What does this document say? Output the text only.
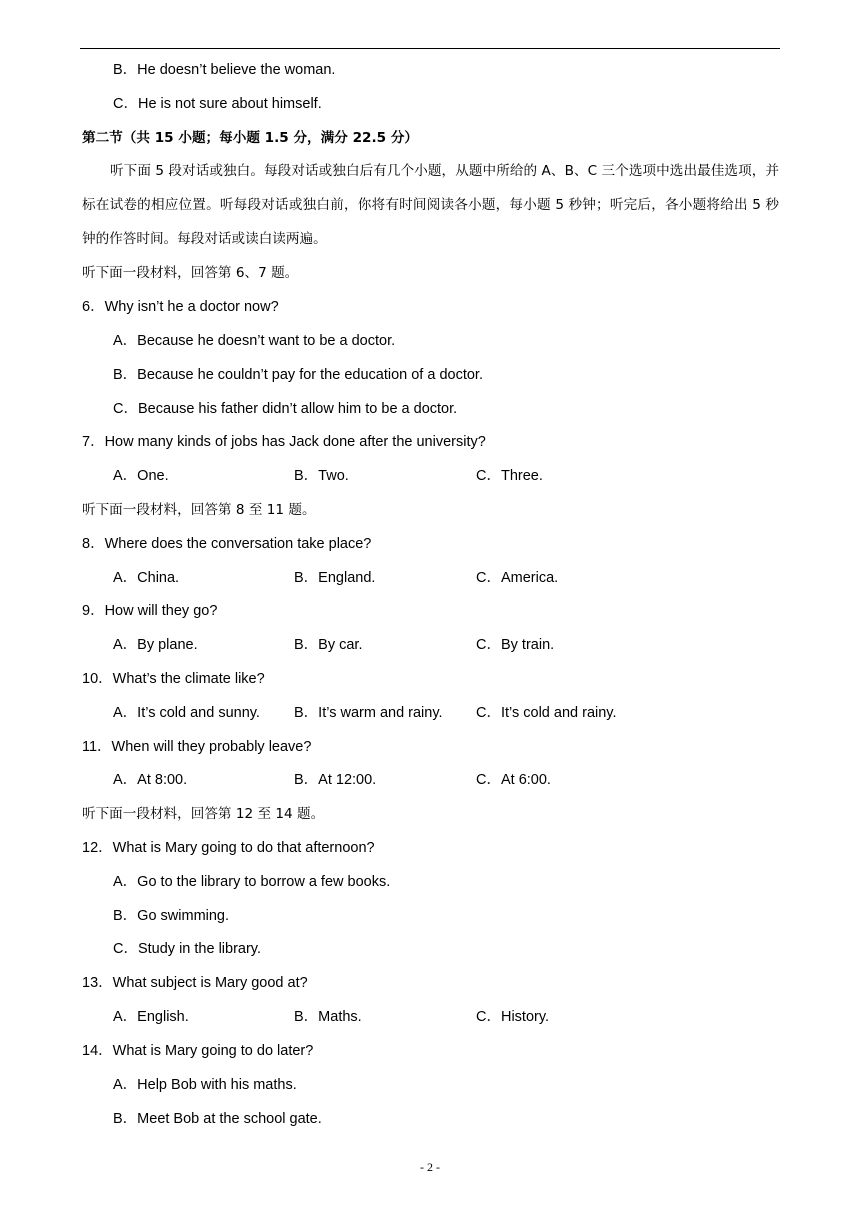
B．He doesn’t believe the woman.
C．He is not sure about himself.
第二节（共 15 小题；每小题 1.5 分，满分 22.5 分）
听下面 5 段对话或独白。每段对话或独白后有几个小题，从题中所给的 A、B、C 三个选项中选出最佳选项，并标在试卷的相应位置。听每段对话或独白前，你将有时间阅读各小题，每小题 5 秒钟；听完后，各小题将给出 5 秒钟的作答时间。每段对话或读白读两遍。
听下面一段材料，回答第 6、7 题。
6．Why isn’t he a doctor now?
A．Because he doesn’t want to be a doctor.
B．Because he couldn’t pay for the education of a doctor.
C．Because his father didn’t allow him to be a doctor.
7．How many kinds of jobs has Jack done after the university?
A．One.	B．Two.	C．Three.
听下面一段材料，回答第 8 至 11 题。
8．Where does the conversation take place?
A．China.	B．England.	C．America.
9．How will they go?
A．By plane.	B．By car.	C．By train.
10．What’s the climate like?
A．It’s cold and sunny. B．It’s warm and rainy. C．It’s cold and rainy.
11．When will they probably leave?
A．At 8:00.	B．At 12:00.	C．At 6:00.
听下面一段材料，回答第 12 至 14 题。
12．What is Mary going to do that afternoon?
A．Go to the library to borrow a few books.
B．Go swimming.
C．Study in the library.
13．What subject is Mary good at?
A．English.	B．Maths.	C．History.
14．What is Mary going to do later?
A．Help Bob with his maths.
B．Meet Bob at the school gate.
- 2 -
